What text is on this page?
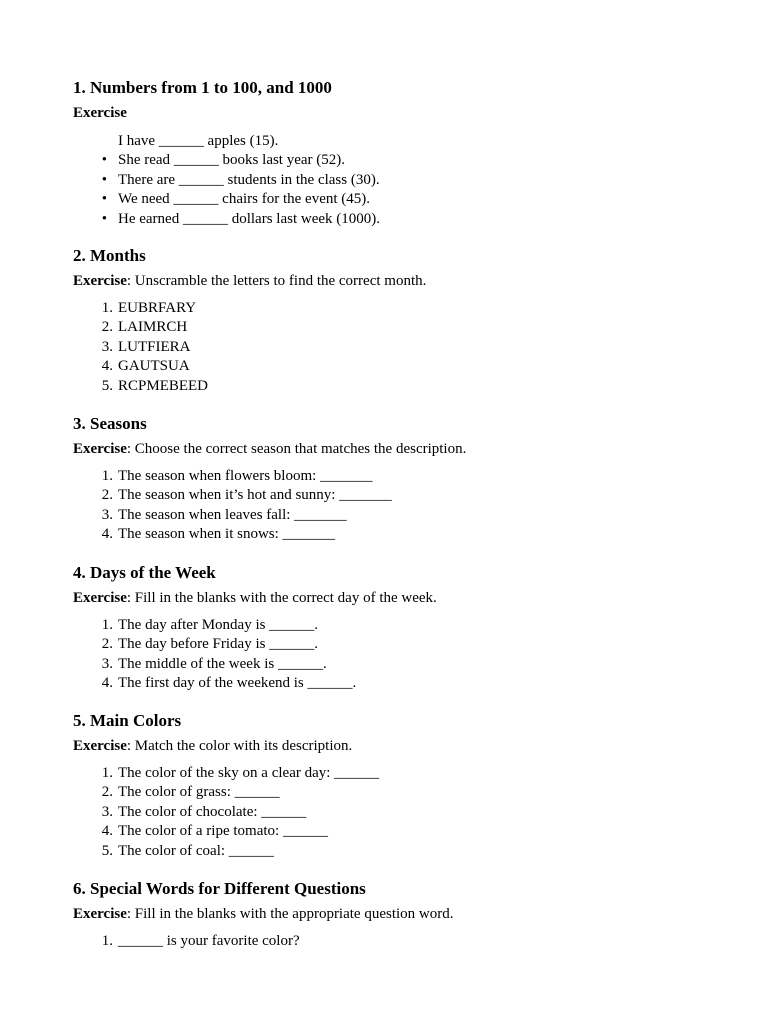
1. Numbers from 1 to 100, and 1000

Exercise

I have ______ apples (15).
• She read ______ books last year (52).
• There are ______ students in the class (30).
• We need ______ chairs for the event (45).
• He earned ______ dollars last week (1000).
2. Months

Exercise: Unscramble the letters to find the correct month.

1. EUBRFARY
2. LAIMRCH
3. LUTFIERA
4. GAUTSUA
5. RCPMEBEED
3. Seasons

Exercise: Choose the correct season that matches the description.

1. The season when flowers bloom: _______
2. The season when it’s hot and sunny: _______
3. The season when leaves fall: _______
4. The season when it snows: _______
4. Days of the Week

Exercise: Fill in the blanks with the correct day of the week.

1. The day after Monday is ______.
2. The day before Friday is ______.
3. The middle of the week is ______.
4. The first day of the weekend is ______.
5. Main Colors

Exercise: Match the color with its description.

1. The color of the sky on a clear day: ______
2. The color of grass: ______
3. The color of chocolate: ______
4. The color of a ripe tomato: ______
5. The color of coal: ______
6. Special Words for Different Questions

Exercise: Fill in the blanks with the appropriate question word.

1. ______ is your favorite color?
